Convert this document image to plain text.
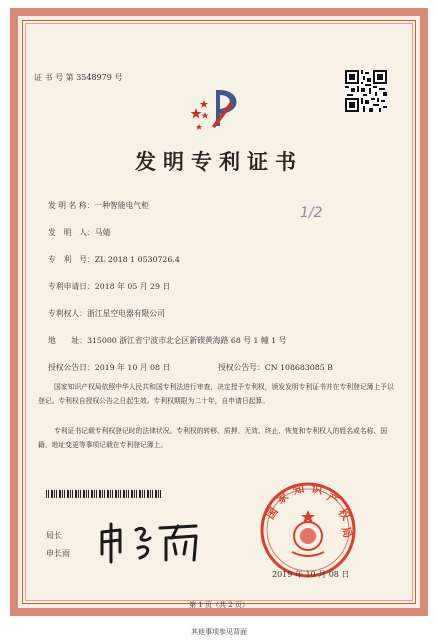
证 书 号 第 3548979 号
发明专利证书
1/2
发 明 名 称：一种智能电气柜
发　明　人：马婧
专　利　号：ZL 2018 1 0530726.4
专利申请日：2018 年 05 月 29 日
专利权人：浙江星空电器有限公司
地　　址：315000 浙江省宁波市北仑区新碶黄海路 68 号 1 幢 1 号
授权公告日：2019 年 10 月 08 日	授权公告号：CN 108683085 B
国家知识产权局依照中华人民共和国专利法进行审查，决定授予专利权，颁发发明专利证书并在专利登记簿上予以登记。专利权自授权公告之日起生效。专利权期限为二十年，自申请日起算。
专利证书记载专利权登记时的法律状况。专利权的转移、质押、无效、终止、恢复和专利权人的姓名或名称、国籍、地址变更等事项记载在专利登记簿上。
局长
申长雨
国
家
知 识
产
权
局
2019 年 10 月 08 日
第 1 页（共 2 页）
其他事项参见背面
